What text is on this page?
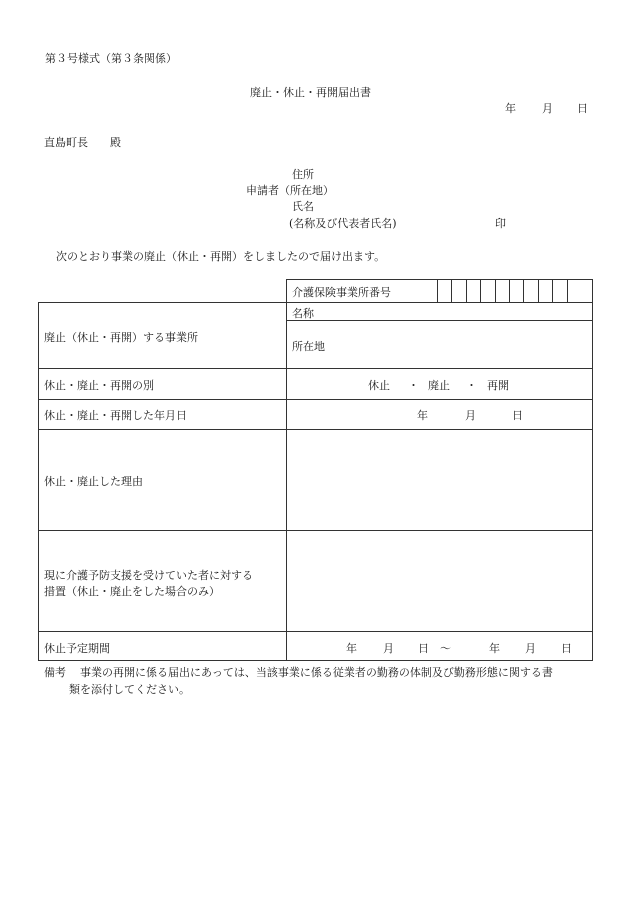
第３号様式（第３条関係）
廃止・休止・再開届出書
年 月 日
直島町長　　殿
住所
申請者（所在地）
氏名
(名称及び代表者氏名)	印
次のとおり事業の廃止（休止・再開）をしましたので届け出ます。
介護保険事業所番号
廃止（休止・再開）する事業所
名称
所在地
休止・廃止・再開の別	休止 ・ 廃止 ・ 再開
休止・廃止・再開した年月日	年	月	日
休止・廃止した理由
現に介護予防支援を受けていた者に対する
措置（休止・廃止をした場合のみ）
休止予定期間	年 月 日 ～	年 月 日
備考 事業の再開に係る届出にあっては、当該事業に係る従業者の勤務の体制及び勤務形態に関する書
類を添付してください。
